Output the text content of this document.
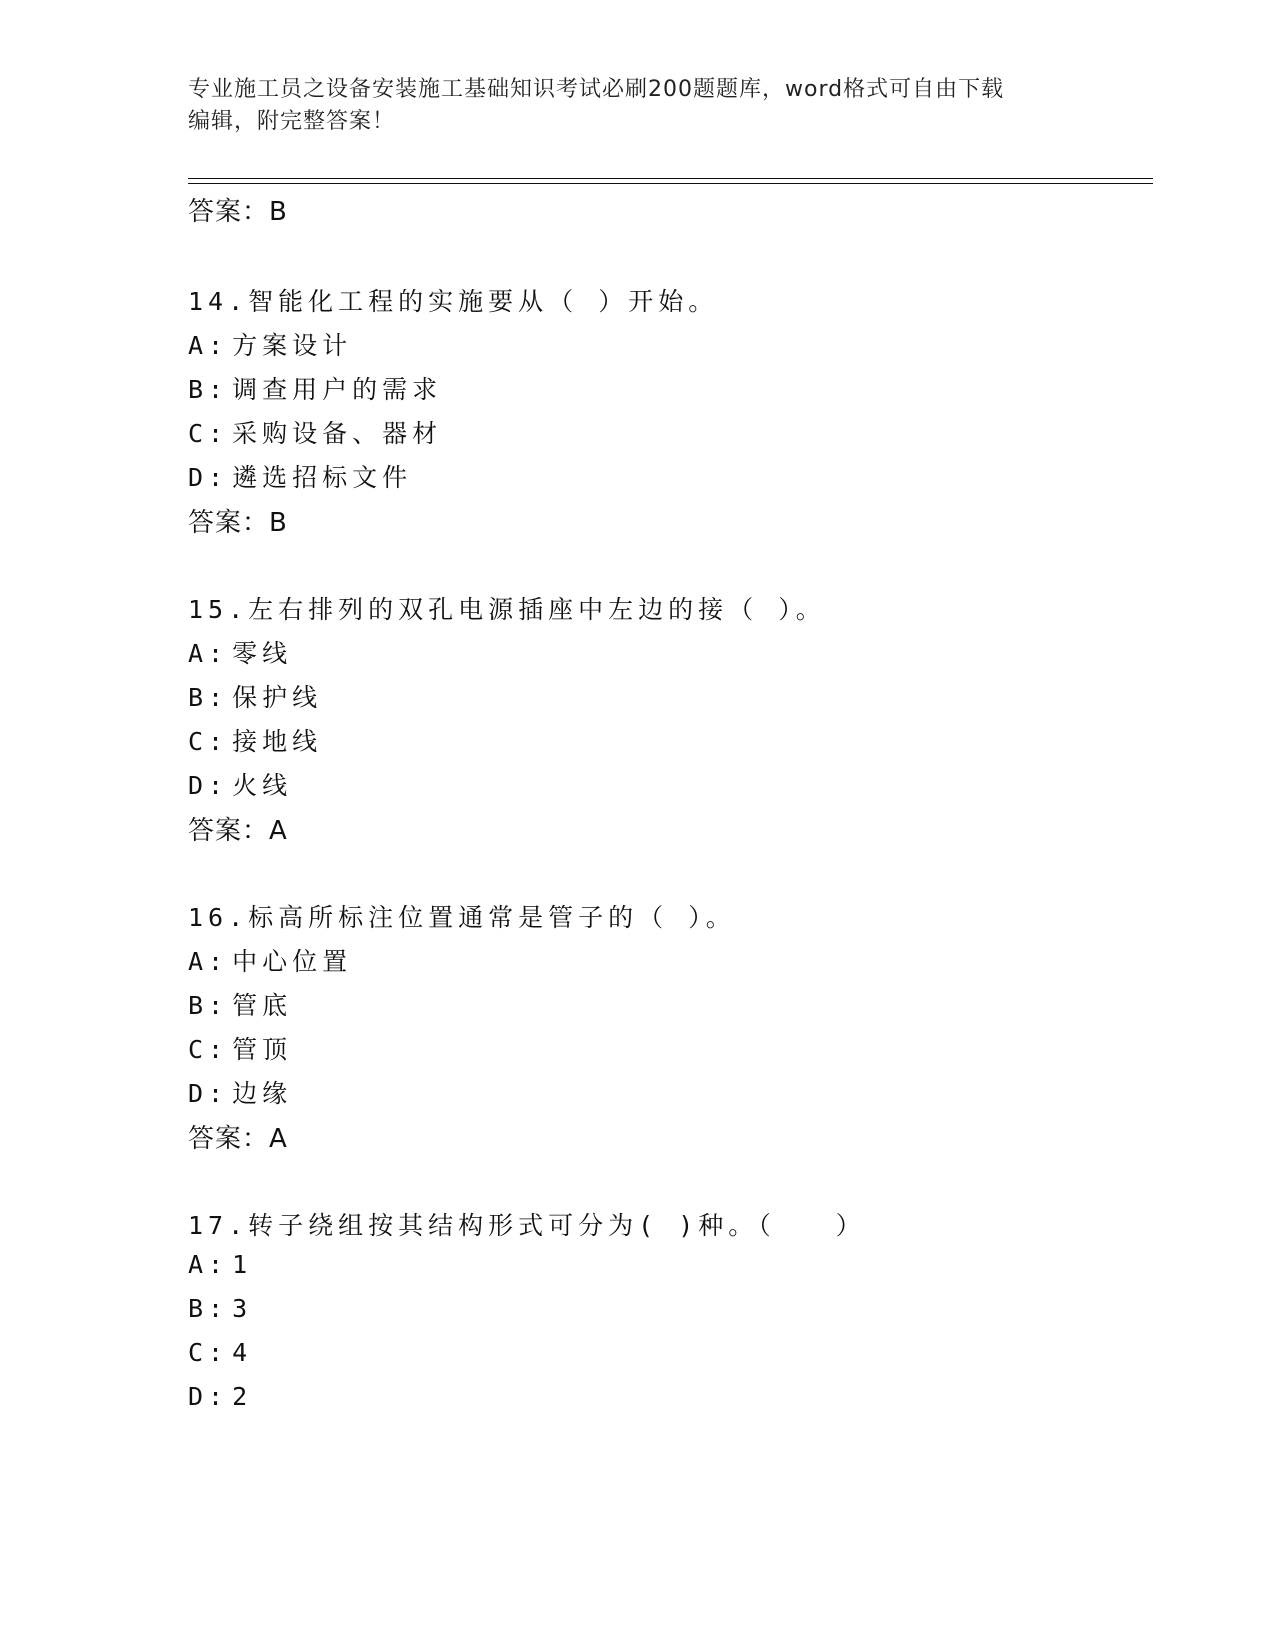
专业施工员之设备安装施工基础知识考试必刷200题题库，word格式可自由下载

编辑，附完整答案！

答案：B
14.智能化工程的实施要从（ ）开始。
A: 方案设计
B: 调查用户的需求
C: 采购设备、器材
D: 遴选招标文件
答案：B
15.左右排列的双孔电源插座中左边的接（ ）。
A: 零线
B: 保护线
C: 接地线
D: 火线
答案：A
16.标高所标注位置通常是管子的（ ）。
A: 中心位置
B: 管底
C: 管顶
D: 边缘
答案：A
17.转子绕组按其结构形式可分为( )种。（　　）
A: 1
B: 3
C: 4
D: 2
